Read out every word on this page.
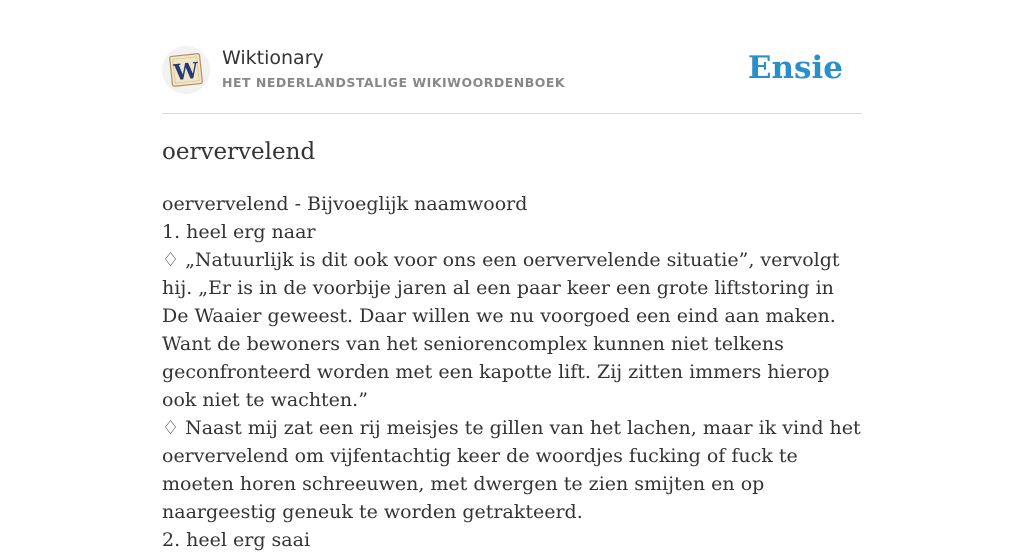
W Wiktionary
HET NEDERLANDSTALIGE WIKIWOORDENBOEK	Ensie
oervervelend
oervervelend - Bijvoeglijk naamwoord
1. heel erg naar
♢ „Natuurlijk is dit ook voor ons een oervervelende situatie”, vervolgt hij. „Er is in de voorbije jaren al een paar keer een grote liftstoring in De Waaier geweest. Daar willen we nu voorgoed een eind aan maken. Want de bewoners van het seniorencomplex kunnen niet telkens geconfronteerd worden met een kapotte lift. Zij zitten immers hierop ook niet te wachten.”
♢ Naast mij zat een rij meisjes te gillen van het lachen, maar ik vind het oervervelend om vijfentachtig keer de woordjes fucking of fuck te moeten horen schreeuwen, met dwergen te zien smijten en op naargeestig geneuk te worden getrakteerd.
2. heel erg saai
